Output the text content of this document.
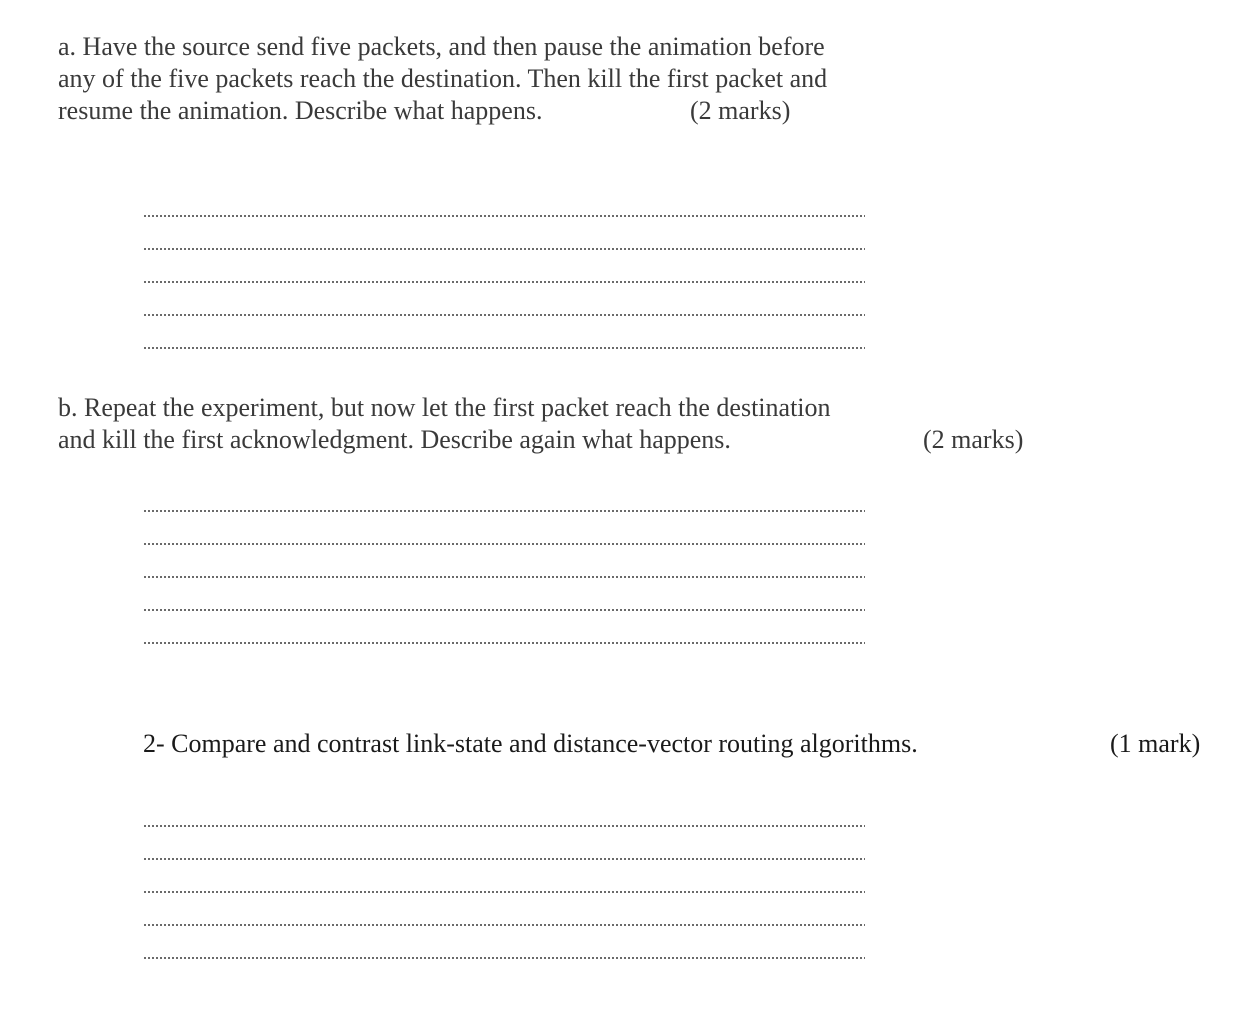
a. Have the source send five packets, and then pause the animation before
any of the five packets reach the destination. Then kill the first packet and
resume the animation. Describe what happens.	(2 marks)
b. Repeat the experiment, but now let the first packet reach the destination
and kill the first acknowledgment. Describe again what happens.	(2 marks)
2- Compare and contrast link-state and distance-vector routing algorithms.	(1 mark)
